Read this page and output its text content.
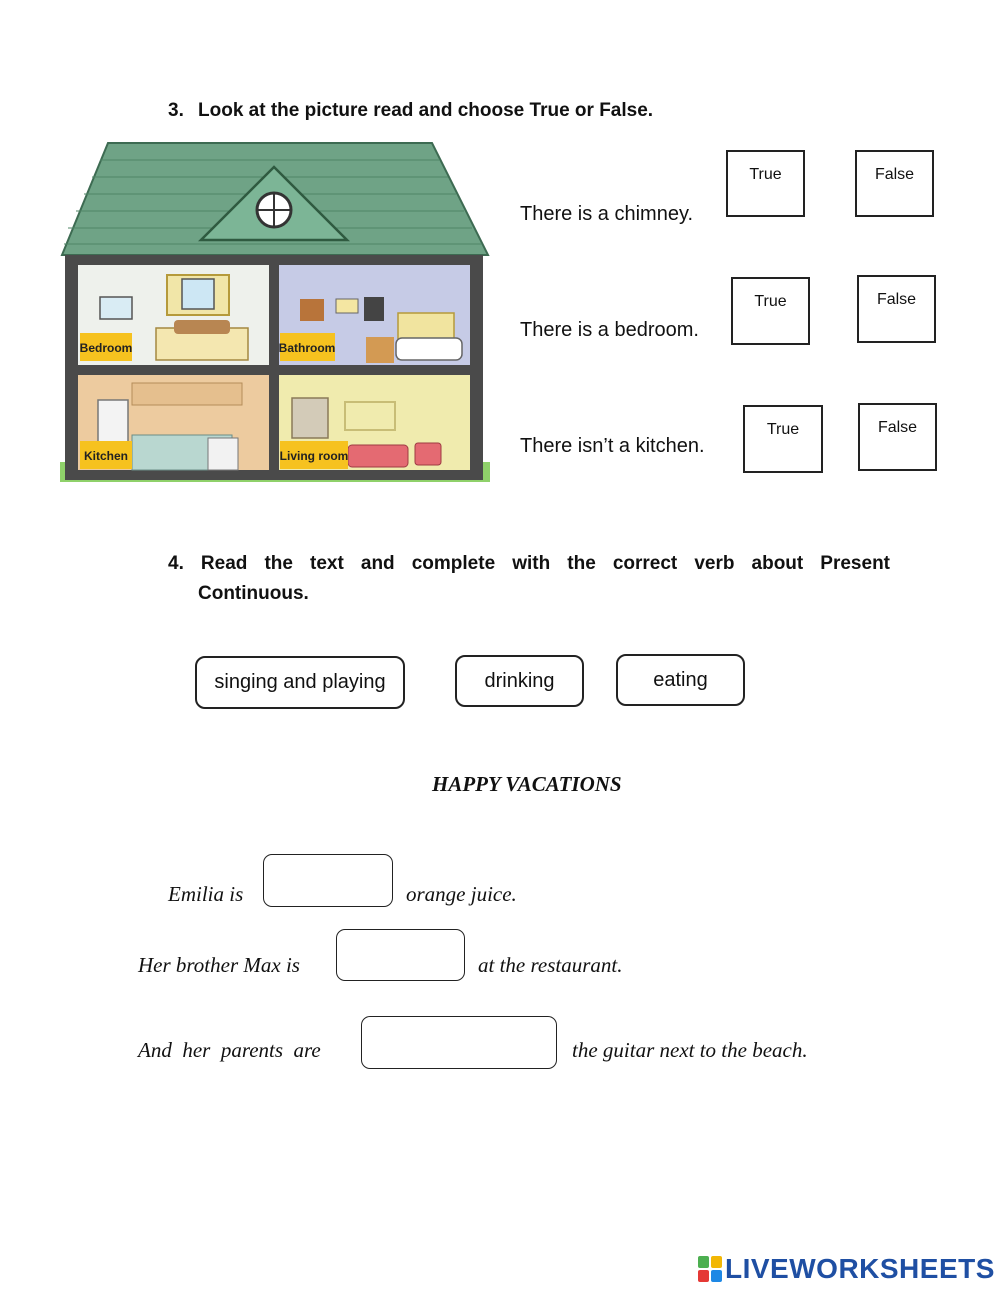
3. Look at the picture read and choose True or False.
Bedroom	Bathroom
Kitchen	Living room
There is a chimney.
True	False
There is a bedroom.
True	False
There isn’t a kitchen.
True	False
4. Read the text and complete with the correct verb about Present
Continuous.
singing and playing	drinking	eating
HAPPY VACATIONS
Emilia is	orange juice.
Her brother Max is	at the restaurant.
And  her  parents  are	the guitar next to the beach.
LIVEWORKSHEETS
